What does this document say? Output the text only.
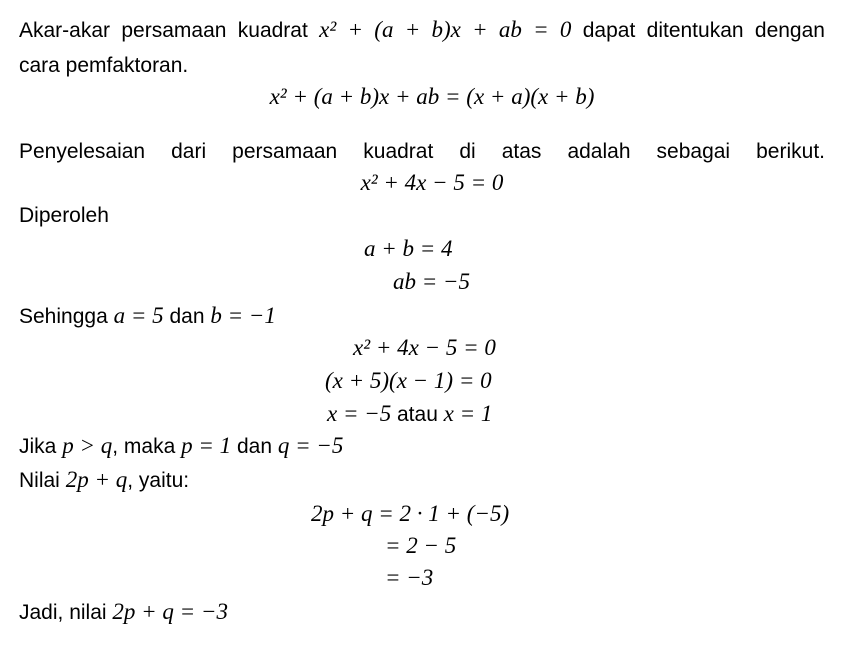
Akar-akar persamaan kuadrat x² + (a + b)x + ab = 0 dapat ditentukan dengan
cara pemfaktoran.
x² + (a + b)x + ab = (x + a)(x + b)
Penyelesaian dari persamaan kuadrat di atas adalah sebagai berikut.
x² + 4x − 5 = 0
Diperoleh
a + b = 4
ab = −5
Sehingga a = 5 dan b = −1
x² + 4x − 5 = 0
(x + 5)(x − 1) = 0
x = −5 atau x = 1
Jika p > q, maka p = 1 dan q = −5
Nilai 2p + q, yaitu:
2p + q = 2 · 1 + (−5)
= 2 − 5
= −3
Jadi, nilai 2p + q = −3
